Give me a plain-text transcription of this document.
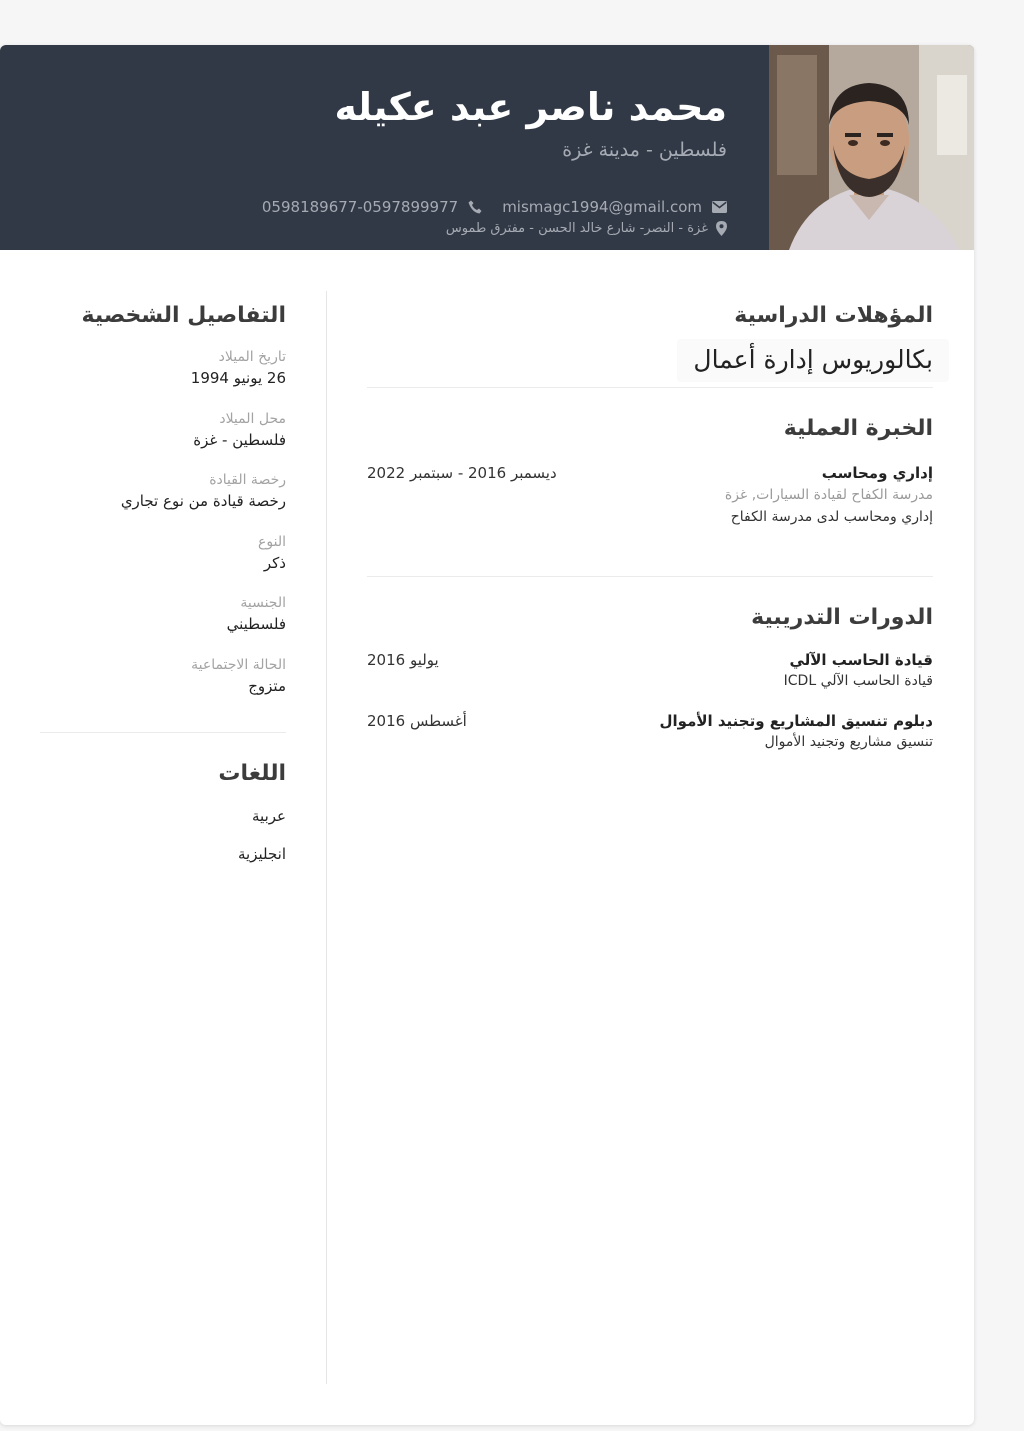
محمد ناصر عبد عكيله
فلسطين - مدينة غزة
mismagc1994@gmail.com
0598189677-0597899977
غزة - النصر- شارع خالد الحسن - مفترق طموس
المؤهلات الدراسية
بكالوريوس إدارة أعمال
الخبرة العملية
إداري ومحاسب
مدرسة الكفاح لقيادة السيارات, غزة
إداري ومحاسب لدى مدرسة الكفاح
ديسمبر 2016 - سبتمبر 2022
الدورات التدريبية
قيادة الحاسب الآلي
قيادة الحاسب الآلي ICDL
يوليو 2016
دبلوم تنسيق المشاريع وتجنيد الأموال
تنسيق مشاريع وتجنيد الأموال
أغسطس 2016
التفاصيل الشخصية
تاريخ الميلاد
26 يونيو 1994
محل الميلاد
فلسطين - غزة
رخصة القيادة
رخصة قيادة من نوع تجاري
النوع
ذكر
الجنسية
فلسطيني
الحالة الاجتماعية
متزوج
اللغات
عربية
انجليزية
